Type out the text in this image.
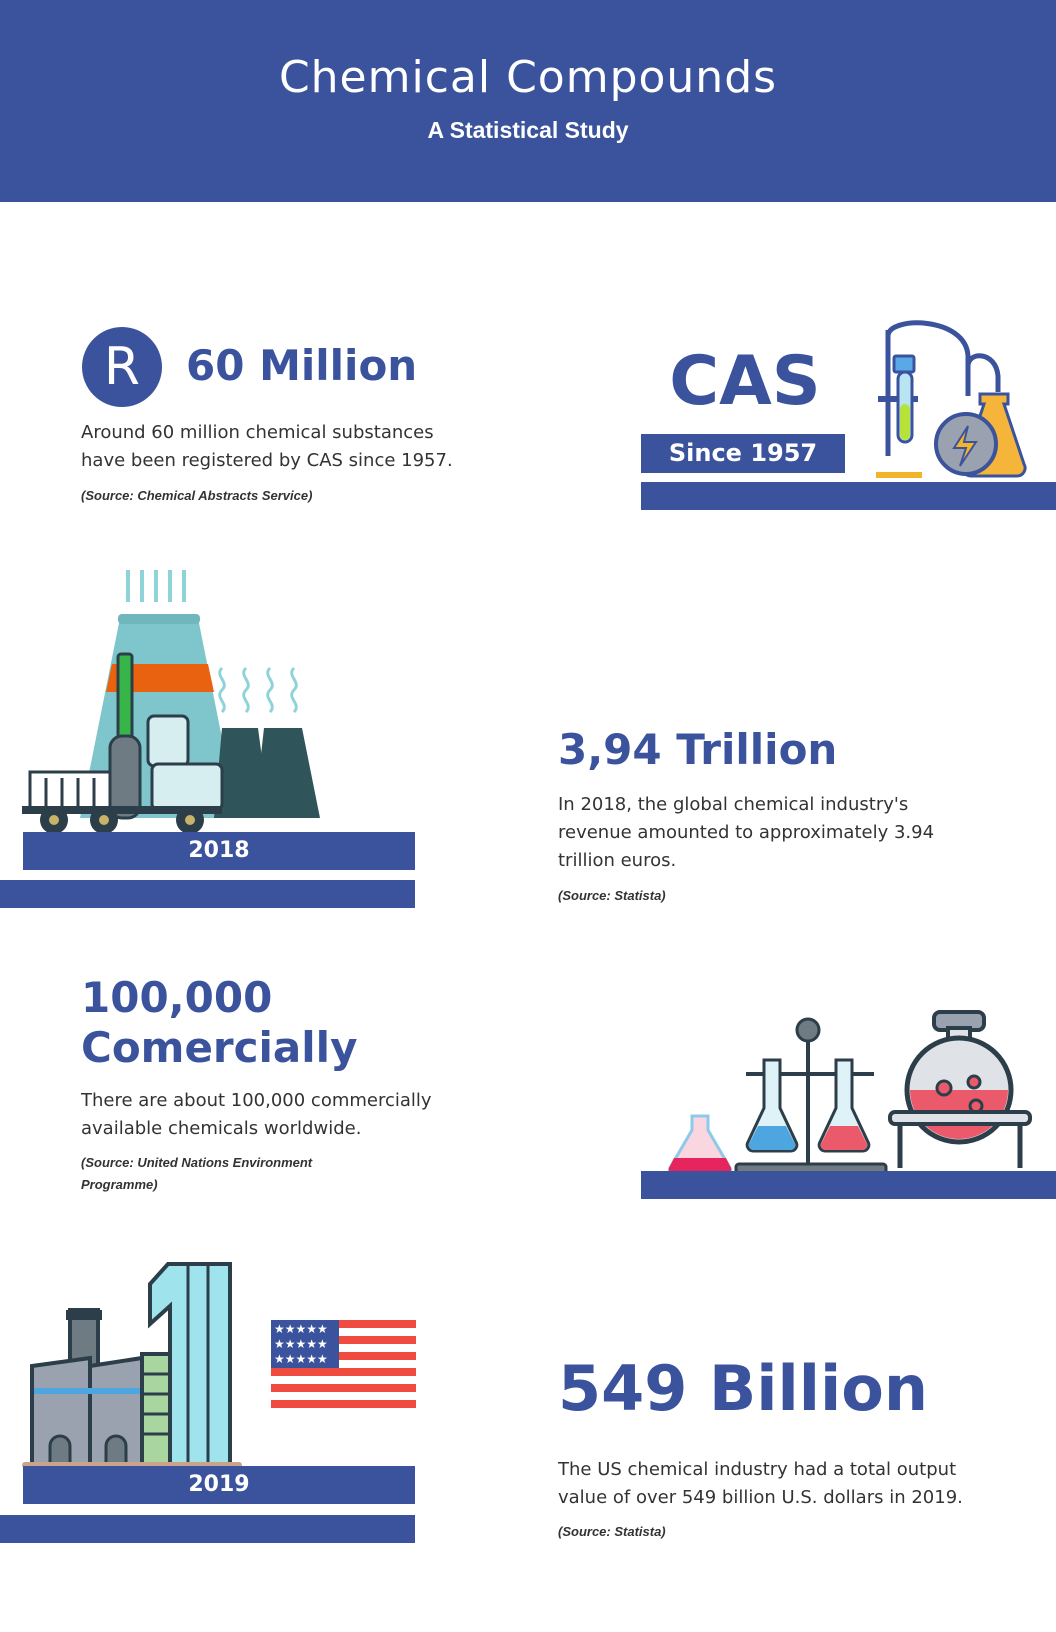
Chemical Compounds
A Statistical Study
R	60 Million
Around 60 million chemical substances have been registered by CAS since 1957.
(Source: Chemical Abstracts Service)
CAS
Since 1957
2018
3,94 Trillion
In 2018, the global chemical industry's revenue amounted to approximately 3.94 trillion euros.
(Source: Statista)
100,000
Comercially
There are about 100,000 commercially available chemicals worldwide.
(Source: United Nations Environment Programme)
★★★★★
★★★★★
★★★★★
2019
549 Billion
The US chemical industry had a total output value of over 549 billion U.S. dollars in 2019.
(Source: Statista)
